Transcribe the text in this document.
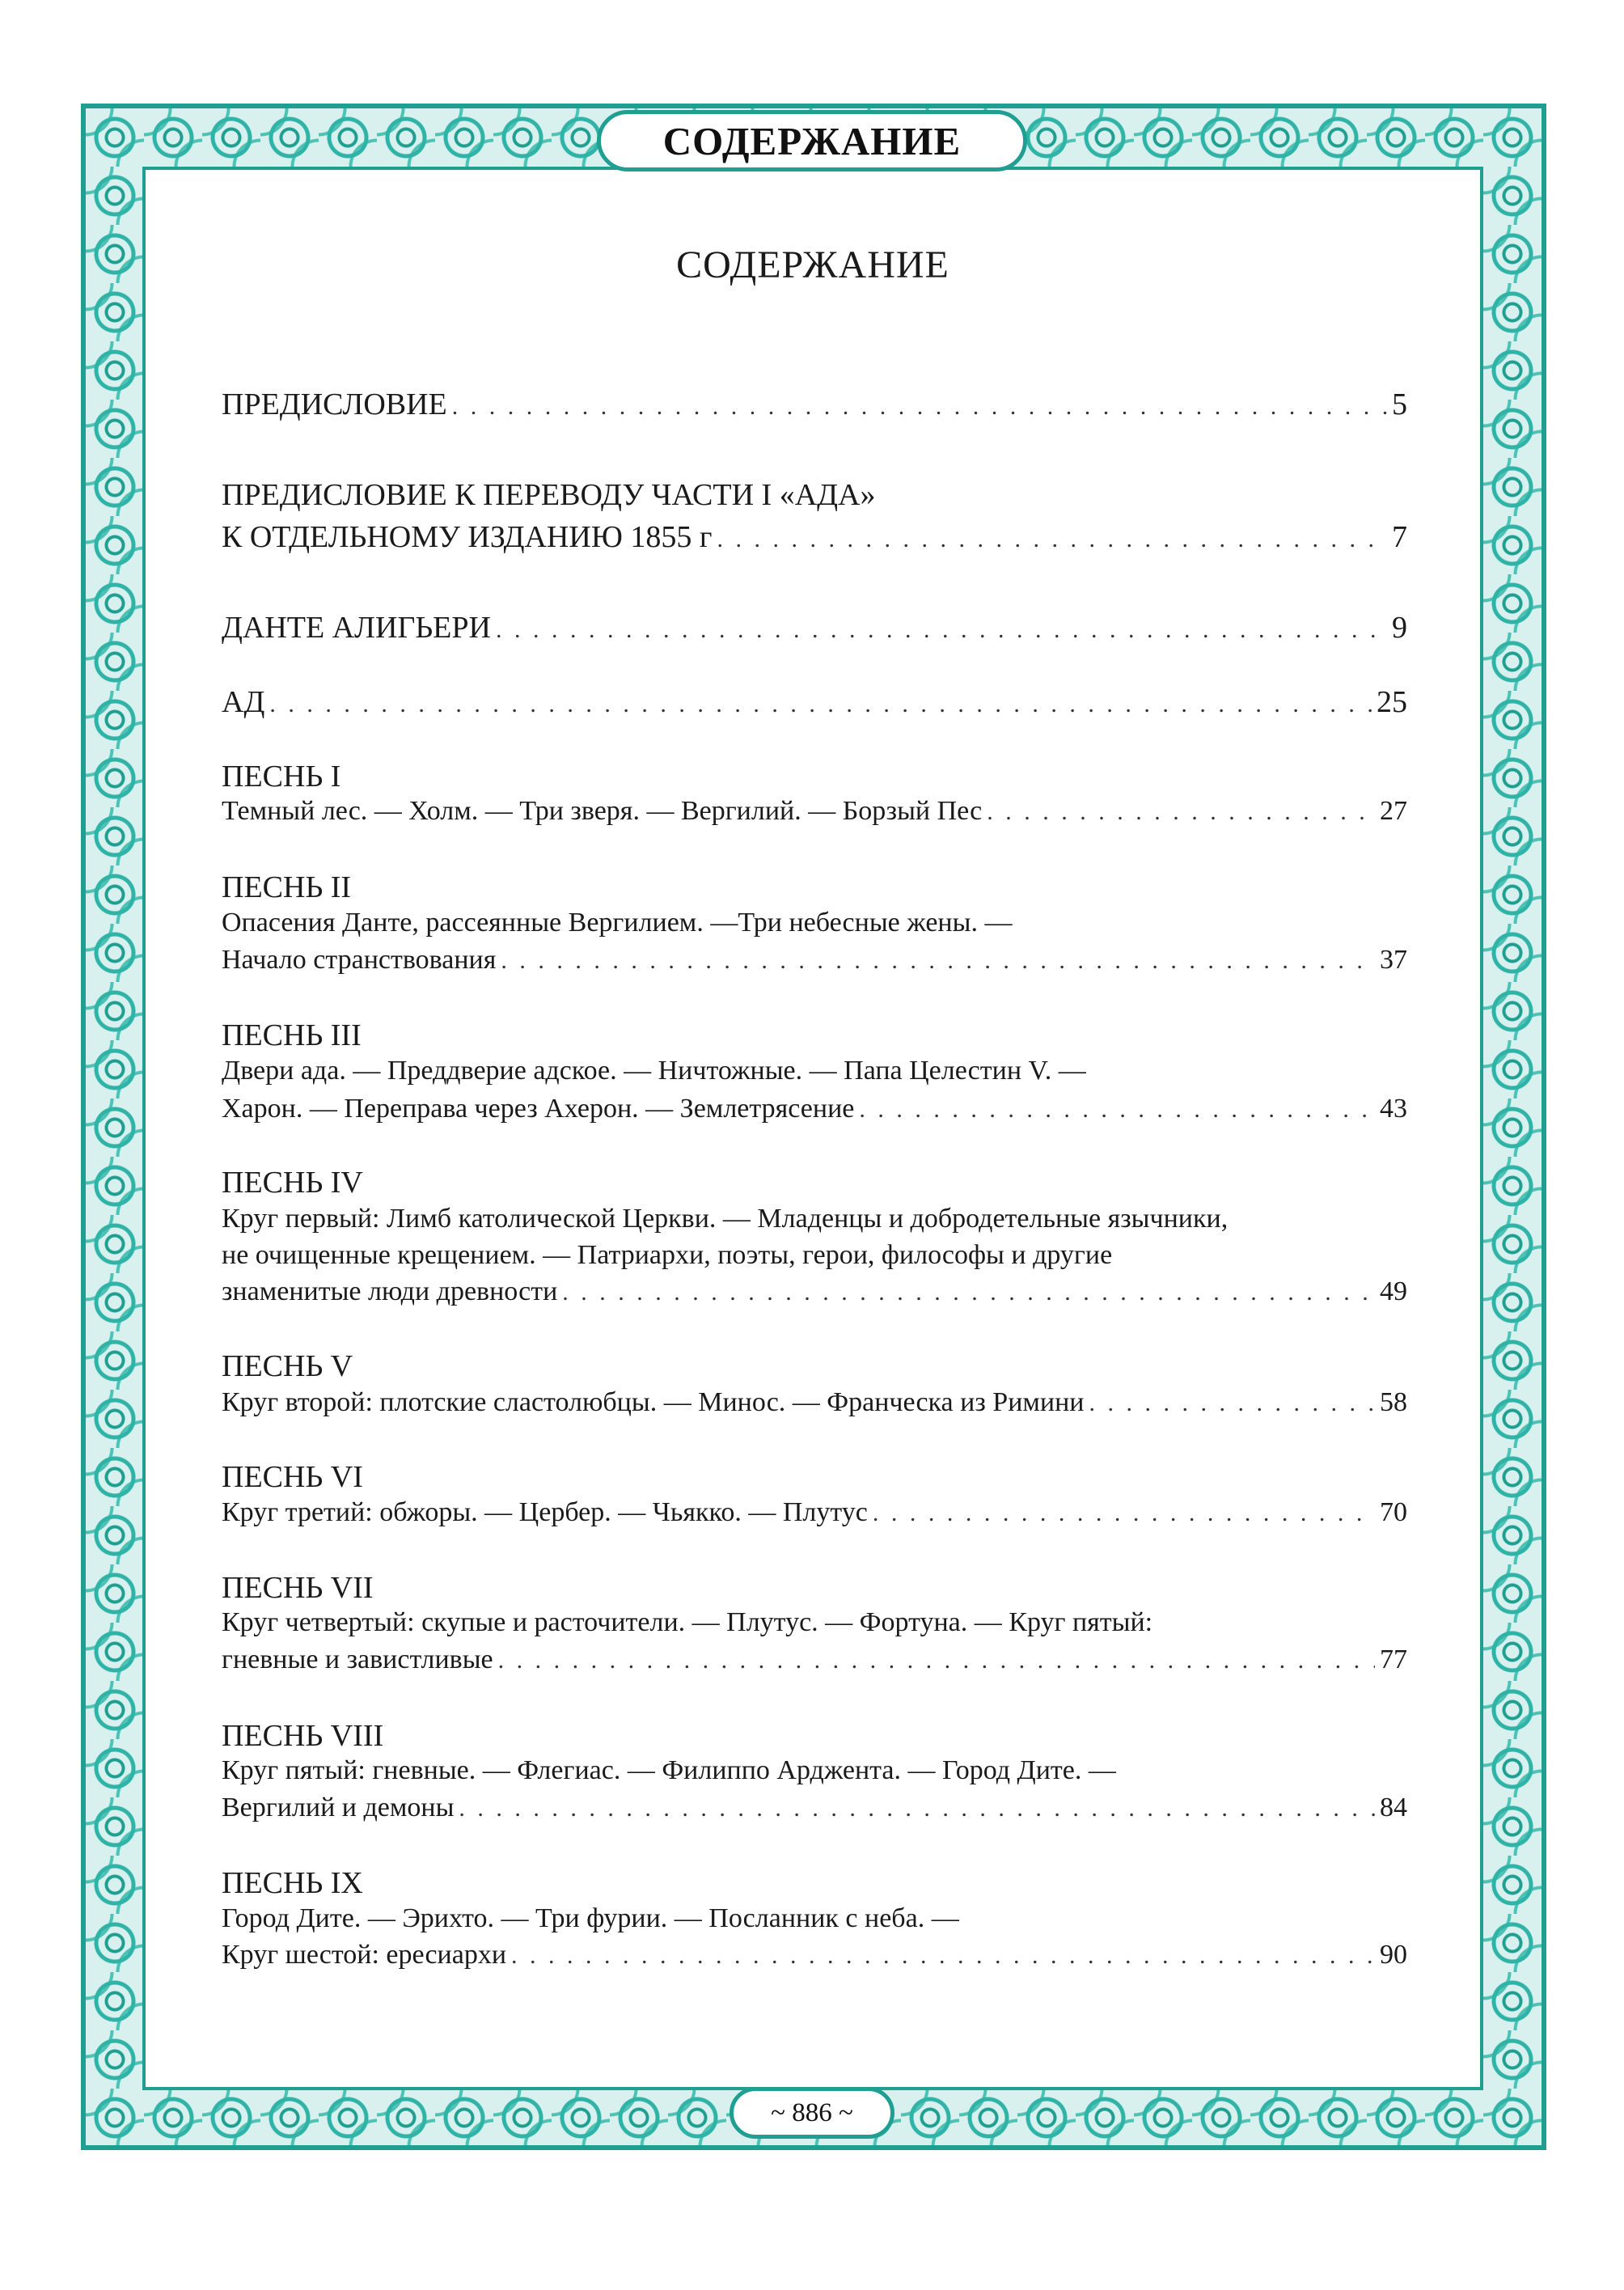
СОДЕРЖАНИЕ
СОДЕРЖАНИЕ
ПРЕДИСЛОВИЕ . . .	5
ПРЕДИСЛОВИЕ К ПЕРЕВОДУ ЧАСТИ I «АДА»
К ОТДЕЛЬНОМУ ИЗДАНИЮ 1855 г . . .	7
ДАНТЕ АЛИГЬЕРИ . . .	9
АД . . .	25
ПЕСНЬ I
Темный лес. — Холм. — Три зверя. — Вергилий. — Борзый Пес . . .	27
ПЕСНЬ II
Опасения Данте, рассеянные Вергилием. —Три небесные жены. —
Начало странствования . . .	37
ПЕСНЬ III
Двери ада. — Преддверие адское. — Ничтожные. — Папа Целестин V. —
Харон. — Переправа через Ахерон. — Землетрясение . . .	43
ПЕСНЬ IV
Круг первый: Лимб католической Церкви. — Младенцы и добродетельные язычники,
не очищенные крещением. — Патриархи, поэты, герои, философы и другие
знаменитые люди древности . . .	49
ПЕСНЬ V
Круг второй: плотские сластолюбцы. — Минос. — Франческа из Римини . . .	58
ПЕСНЬ VI
Круг третий: обжоры. — Цербер. — Чьякко. — Плутус . . .	70
ПЕСНЬ VII
Круг четвертый: скупые и расточители. — Плутус. — Фортуна. — Круг пятый:
гневные и завистливые . . .	77
ПЕСНЬ VIII
Круг пятый: гневные. — Флегиас. — Филиппо Арджента. — Город Дите. —
Вергилий и демоны . . .	84
ПЕСНЬ IX
Город Дите. — Эрихто. — Три фурии. — Посланник с неба. —
Круг шестой: ересиархи . . .	90
~ 886 ~
